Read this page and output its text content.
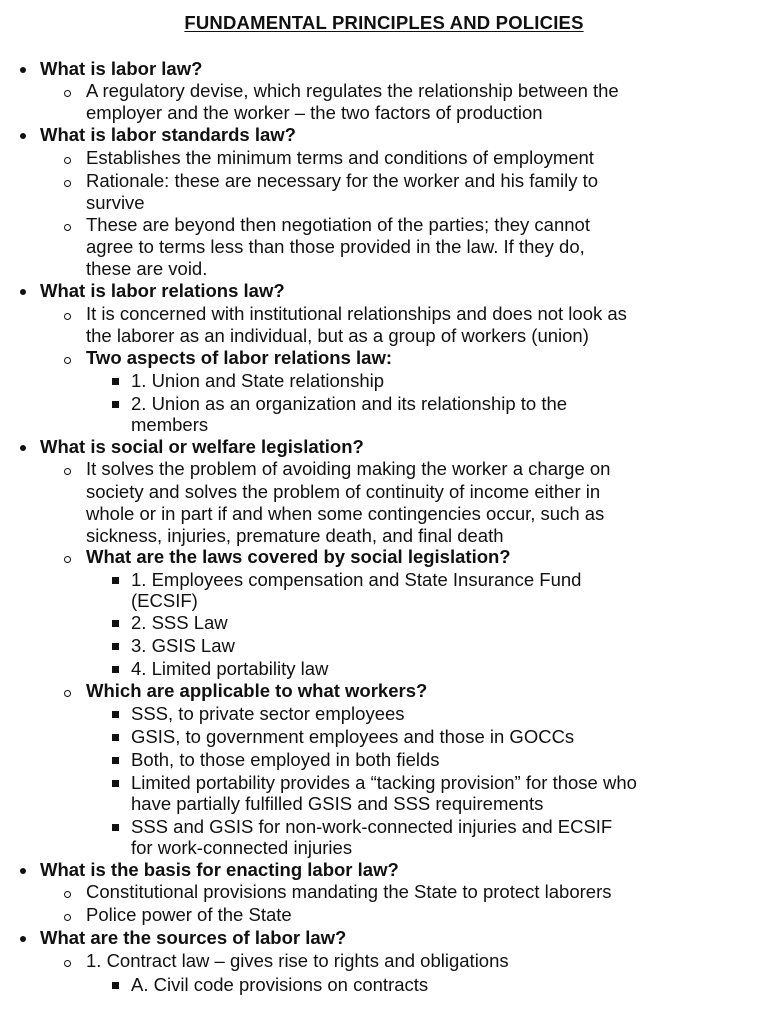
FUNDAMENTAL PRINCIPLES AND POLICIES
What is labor law?
A regulatory devise, which regulates the relationship between the
employer and the worker – the two factors of production
What is labor standards law?
Establishes the minimum terms and conditions of employment
Rationale: these are necessary for the worker and his family to
survive
These are beyond then negotiation of the parties; they cannot
agree to terms less than those provided in the law. If they do,
these are void.
What is labor relations law?
It is concerned with institutional relationships and does not look as
the laborer as an individual, but as a group of workers (union)
Two aspects of labor relations law:
1. Union and State relationship
2. Union as an organization and its relationship to the
members
What is social or welfare legislation?
It solves the problem of avoiding making the worker a charge on
society and solves the problem of continuity of income either in
whole or in part if and when some contingencies occur, such as
sickness, injuries, premature death, and final death
What are the laws covered by social legislation?
1. Employees compensation and State Insurance Fund
(ECSIF)
2. SSS Law
3. GSIS Law
4. Limited portability law
Which are applicable to what workers?
SSS, to private sector employees
GSIS, to government employees and those in GOCCs
Both, to those employed in both fields
Limited portability provides a “tacking provision” for those who
have partially fulfilled GSIS and SSS requirements
SSS and GSIS for non-work-connected injuries and ECSIF
for work-connected injuries
What is the basis for enacting labor law?
Constitutional provisions mandating the State to protect laborers
Police power of the State
What are the sources of labor law?
1. Contract law – gives rise to rights and obligations
A. Civil code provisions on contracts
